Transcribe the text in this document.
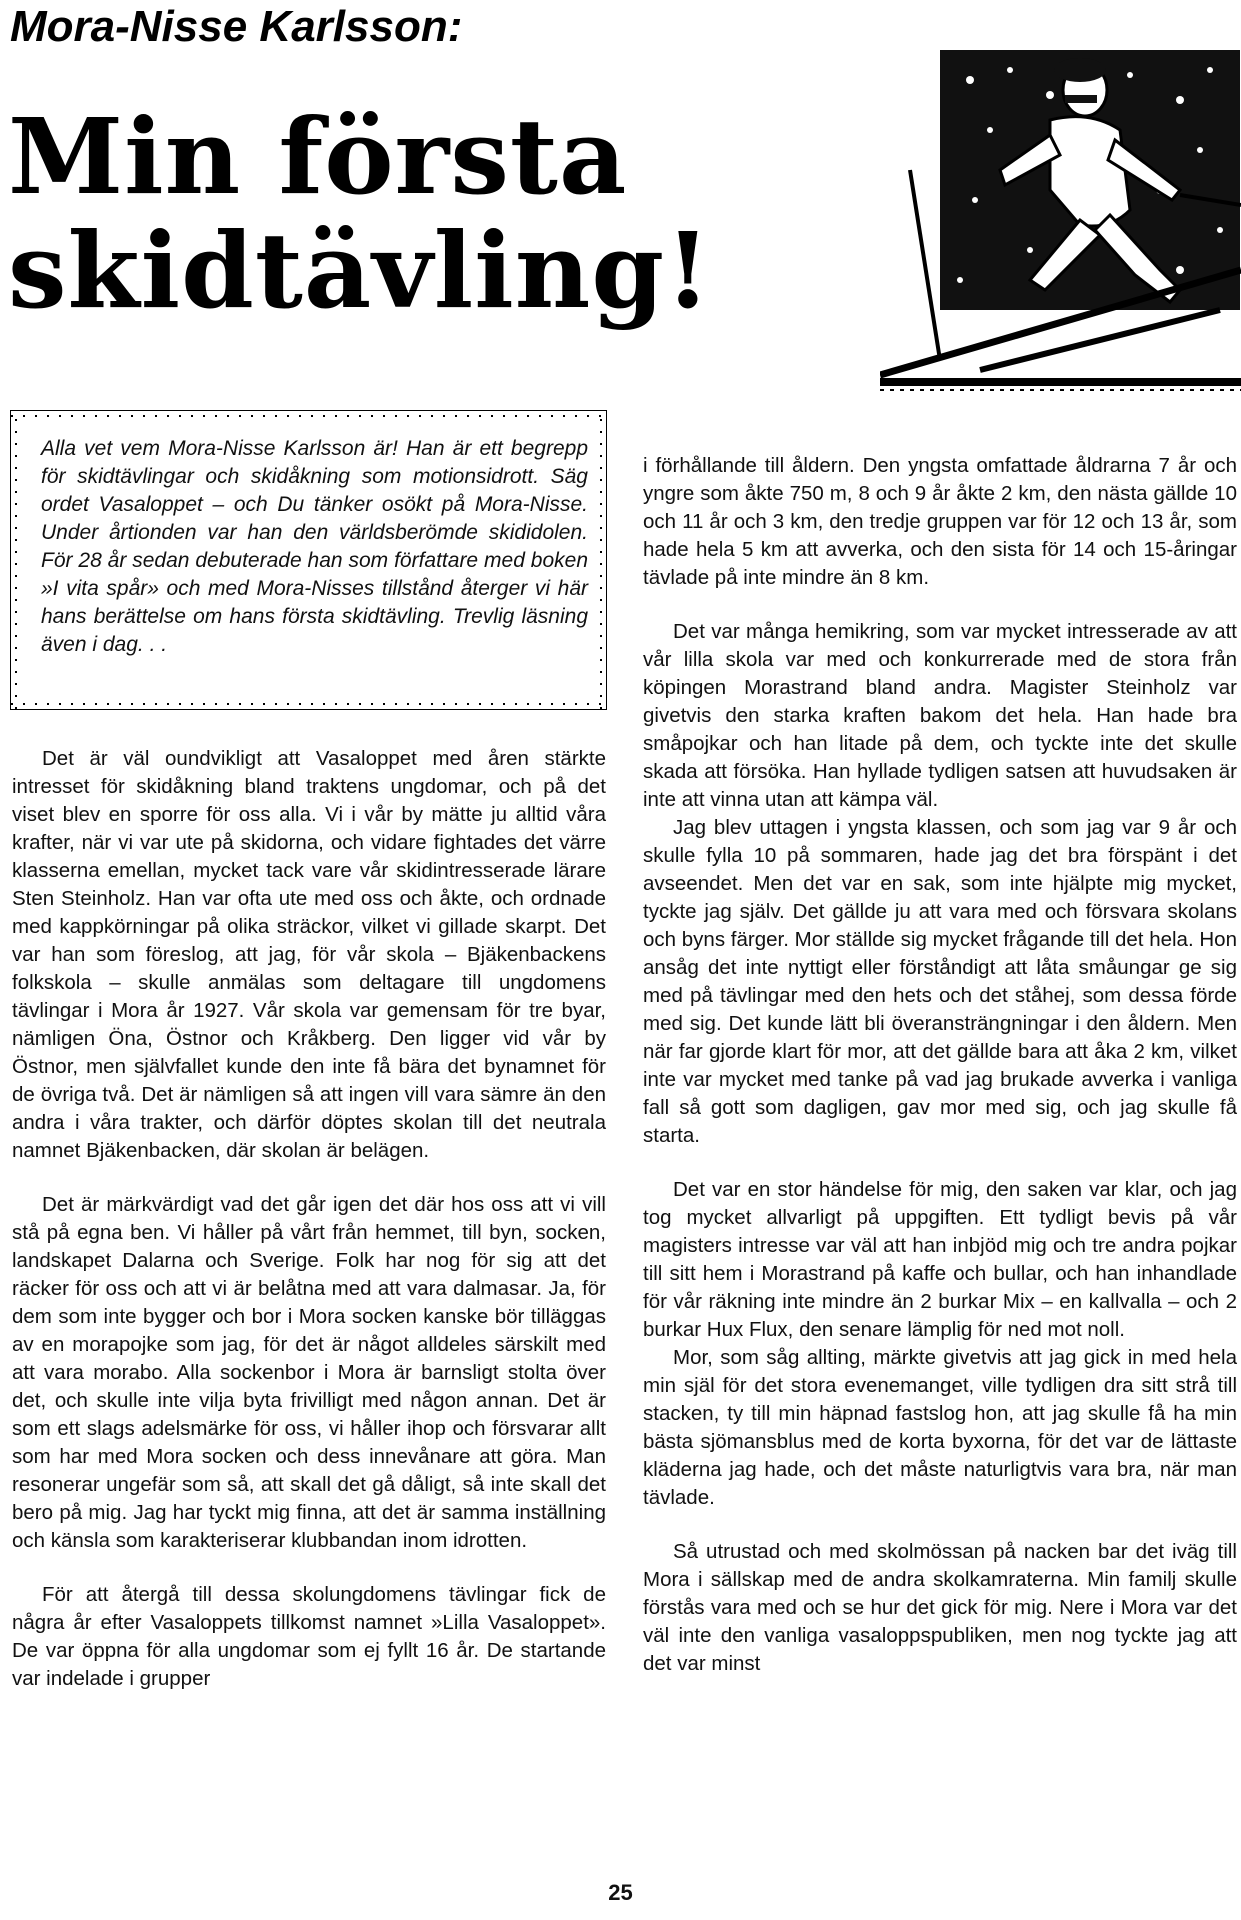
Mora-Nisse Karlsson:
Min första
skidtävling!

Alla vet vem Mora-Nisse Karlsson är! Han är ett begrepp för skidtävlingar och skidåkning som motionsidrott. Säg ordet Vasaloppet – och Du tänker osökt på Mora-Nisse. Under årtionden var han den världsberömde skididolen. För 28 år sedan debuterade han som författare med boken »I vita spår» och med Mora-Nisses tillstånd återger vi här hans berättelse om hans första skidtävling. Trevlig läsning även i dag. . .

Det är väl oundvikligt att Vasaloppet med åren stärkte intresset för skidåkning bland traktens ungdomar, och på det viset blev en sporre för oss alla. Vi i vår by mätte ju alltid våra krafter, när vi var ute på skidorna, och vidare fightades det värre klasserna emellan, mycket tack vare vår skidintresserade lärare Sten Steinholz. Han var ofta ute med oss och åkte, och ordnade med kappkörningar på olika sträckor, vilket vi gillade skarpt. Det var han som föreslog, att jag, för vår skola – Bjäkenbackens folkskola – skulle anmälas som deltagare till ungdomens tävlingar i Mora år 1927. Vår skola var gemensam för tre byar, nämligen Öna, Östnor och Kråkberg. Den ligger vid vår by Östnor, men självfallet kunde den inte få bära det bynamnet för de övriga två. Det är nämligen så att ingen vill vara sämre än den andra i våra trakter, och därför döptes skolan till det neutrala namnet Bjäkenbacken, där skolan är belägen.

Det är märkvärdigt vad det går igen det där hos oss att vi vill stå på egna ben. Vi håller på vårt från hemmet, till byn, socken, landskapet Dalarna och Sverige. Folk har nog för sig att det räcker för oss och att vi är belåtna med att vara dalmasar. Ja, för dem som inte bygger och bor i Mora socken kanske bör tilläggas av en morapojke som jag, för det är något alldeles särskilt med att vara morabo. Alla sockenbor i Mora är barnsligt stolta över det, och skulle inte vilja byta frivilligt med någon annan. Det är som ett slags adelsmärke för oss, vi håller ihop och försvarar allt som har med Mora socken och dess innevånare att göra. Man resonerar ungefär som så, att skall det gå dåligt, så inte skall det bero på mig. Jag har tyckt mig finna, att det är samma inställning och känsla som karakteriserar klubbandan inom idrotten.

För att återgå till dessa skolungdomens tävlingar fick de några år efter Vasaloppets tillkomst namnet »Lilla Vasaloppet». De var öppna för alla ungdomar som ej fyllt 16 år. De startande var indelade i grupper

i förhållande till åldern. Den yngsta omfattade åldrarna 7 år och yngre som åkte 750 m, 8 och 9 år åkte 2 km, den nästa gällde 10 och 11 år och 3 km, den tredje gruppen var för 12 och 13 år, som hade hela 5 km att avverka, och den sista för 14 och 15-åringar tävlade på inte mindre än 8 km.

Det var många hemikring, som var mycket intresserade av att vår lilla skola var med och konkurrerade med de stora från köpingen Morastrand bland andra. Magister Steinholz var givetvis den starka kraften bakom det hela. Han hade bra småpojkar och han litade på dem, och tyckte inte det skulle skada att försöka. Han hyllade tydligen satsen att huvudsaken är inte att vinna utan att kämpa väl.

Jag blev uttagen i yngsta klassen, och som jag var 9 år och skulle fylla 10 på sommaren, hade jag det bra förspänt i det avseendet. Men det var en sak, som inte hjälpte mig mycket, tyckte jag själv. Det gällde ju att vara med och försvara skolans och byns färger. Mor ställde sig mycket frågande till det hela. Hon ansåg det inte nyttigt eller förståndigt att låta småungar ge sig med på tävlingar med den hets och det ståhej, som dessa förde med sig. Det kunde lätt bli överansträngningar i den åldern. Men när far gjorde klart för mor, att det gällde bara att åka 2 km, vilket inte var mycket med tanke på vad jag brukade avverka i vanliga fall så gott som dagligen, gav mor med sig, och jag skulle få starta.

Det var en stor händelse för mig, den saken var klar, och jag tog mycket allvarligt på uppgiften. Ett tydligt bevis på vår magisters intresse var väl att han inbjöd mig och tre andra pojkar till sitt hem i Morastrand på kaffe och bullar, och han inhandlade för vår räkning inte mindre än 2 burkar Mix – en kallvalla – och 2 burkar Hux Flux, den senare lämplig för ned mot noll.

Mor, som såg allting, märkte givetvis att jag gick in med hela min själ för det stora evenemanget, ville tydligen dra sitt strå till stacken, ty till min häpnad fastslog hon, att jag skulle få ha min bästa sjömansblus med de korta byxorna, för det var de lättaste kläderna jag hade, och det måste naturligtvis vara bra, när man tävlade.

Så utrustad och med skolmössan på nacken bar det iväg till Mora i sällskap med de andra skolkamraterna. Min familj skulle förstås vara med och se hur det gick för mig. Nere i Mora var det väl inte den vanliga vasaloppspubliken, men nog tyckte jag att det var minst

25
